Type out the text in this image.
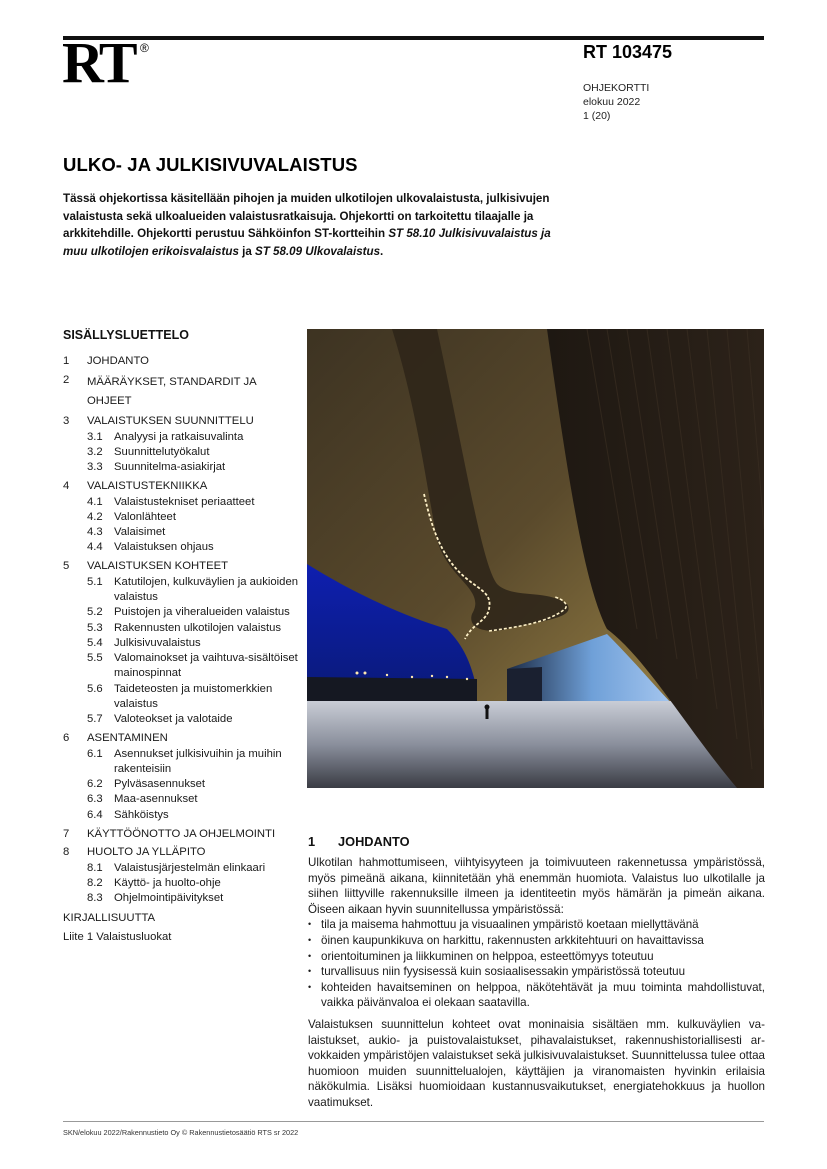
RT ®	RT 103475
OHJEKORTTI
elokuu 2022
1 (20)
ULKO- JA JULKISIVUVALAISTUS

Tässä ohjekortissa käsitellään pihojen ja muiden ulkotilojen ulkovalaistusta, julkisivujen valaistusta sekä ulkoalueiden valaistusratkaisuja. Ohjekortti on tarkoitettu tilaajalle ja arkkitehdille. Ohjekortti perustuu Sähköinfon ST-kortteihin ST 58.10 Julkisivuvalaistus ja muu ulkotilojen erikoisvalaistus ja ST 58.09 Ulkovalaistus.

SISÄLLYSLUETTELO
1	JOHDANTO
2	MÄÄRÄYKSET, STANDARDIT JA OHJEET
3	VALAISTUKSEN SUUNNITTELU
3.1 Analyysi ja ratkaisuvalinta
3.2 Suunnittelutyökalut
3.3 Suunnitelma-asiakirjat
4	VALAISTUSTEKNIIKKA
4.1 Valaistustekniset periaatteet
4.2 Valonlähteet
4.3 Valaisimet
4.4 Valaistuksen ohjaus
5	VALAISTUKSEN KOHTEET
5.1 Katutilojen, kulkuväylien ja aukioiden valaistus
5.2 Puistojen ja viheralueiden valaistus
5.3 Rakennusten ulkotilojen valaistus
5.4 Julkisivuvalaistus
5.5 Valomainokset ja vaihtuva-sisältöiset mainospinnat
5.6 Taideteosten ja muistomerkkien valaistus
5.7 Valoteokset ja valotaide
6	ASENTAMINEN
6.1 Asennukset julkisivuihin ja muihin rakenteisiin
6.2 Pylväsasennukset
6.3 Maa-asennukset
6.4 Sähköistys
7	KÄYTTÖÖNOTTO JA OHJELMOINTI
8	HUOLTO JA YLLÄPITO
8.1 Valaistusjärjestelmän elinkaari
8.2 Käyttö- ja huolto-ohje
8.3 Ohjelmointipäivitykset
KIRJALLISUUTTA
Liite 1 Valaistusluokat
1 JOHDANTO

Ulkotilan hahmottumiseen, viihtyisyyteen ja toimivuuteen rakennetussa ympäristössä, myös pimeänä aikana, kiinnitetään yhä enemmän huomiota. Valaistus luo ulkotilalle ja siihen liittyville rakennuksille ilmeen ja identiteetin myös hämärän ja pimeän aikana. Öiseen aikaan hyvin suunnitellussa ympäristössä:

• tila ja maisema hahmottuu ja visuaalinen ympäristö koetaan miellyttävänä
• öinen kaupunkikuva on harkittu, rakennusten arkkitehtuuri on havaittavissa
• orientoituminen ja liikkuminen on helppoa, esteettömyys toteutuu
• turvallisuus niin fyysisessä kuin sosiaalisessakin ympäristössä toteutuu
• kohteiden havaitseminen on helppoa, näkötehtävät ja muu toiminta mahdollistuvat, vaikka päivänvaloa ei olekaan saatavilla.

Valaistuksen suunnittelun kohteet ovat moninaisia sisältäen mm. kulkuväylien valaistukset, aukio- ja puistovalaistukset, pihavalaistukset, rakennushistoriallisesti arvokkaiden ympäristöjen valaistukset sekä julkisivuvalaistukset. Suunnittelussa tulee ottaa huomioon muiden suunnittelualojen, käyttäjien ja viranomaisten hyvinkin erilaisia näkökulmia. Lisäksi huomioidaan kustannusvaikutukset, energiatehokkuus ja huollon vaatimukset.

SKN/elokuu 2022/Rakennustieto Oy © Rakennustietosäätiö RTS sr 2022
